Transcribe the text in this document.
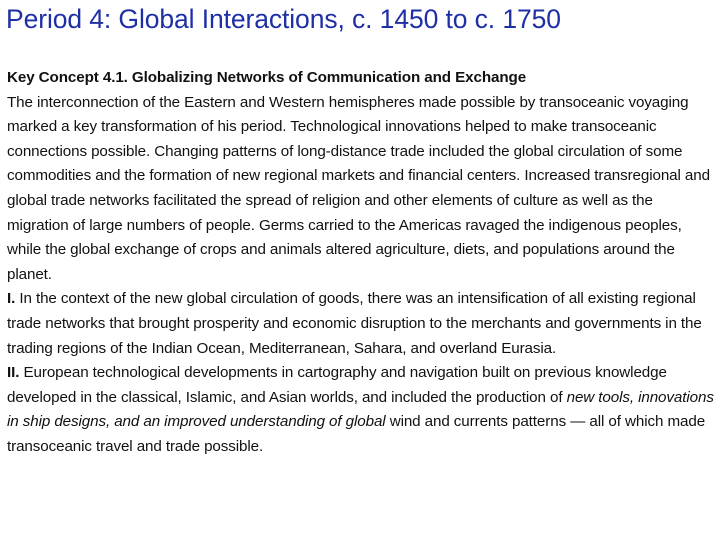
Period 4: Global Interactions, c. 1450 to c. 1750

Key Concept 4.1. Globalizing Networks of Communication and Exchange

The interconnection of the Eastern and Western hemispheres made possible by transoceanic voyaging marked a key transformation of his period. Technological innovations helped to make transoceanic connections possible. Changing patterns of long-distance trade included the global circulation of some commodities and the formation of new regional markets and financial centers. Increased transregional and global trade networks facilitated the spread of religion and other elements of culture as well as the migration of large numbers of people. Germs carried to the Americas ravaged the indigenous peoples, while the global exchange of crops and animals altered agriculture, diets, and populations around the planet.

I. In the context of the new global circulation of goods, there was an intensification of all existing regional trade networks that brought prosperity and economic disruption to the merchants and governments in the trading regions of the Indian Ocean, Mediterranean, Sahara, and overland Eurasia.

II. European technological developments in cartography and navigation built on previous knowledge developed in the classical, Islamic, and Asian worlds, and included the production of new tools, innovations in ship designs, and an improved understanding of global wind and currents patterns — all of which made transoceanic travel and trade possible.
